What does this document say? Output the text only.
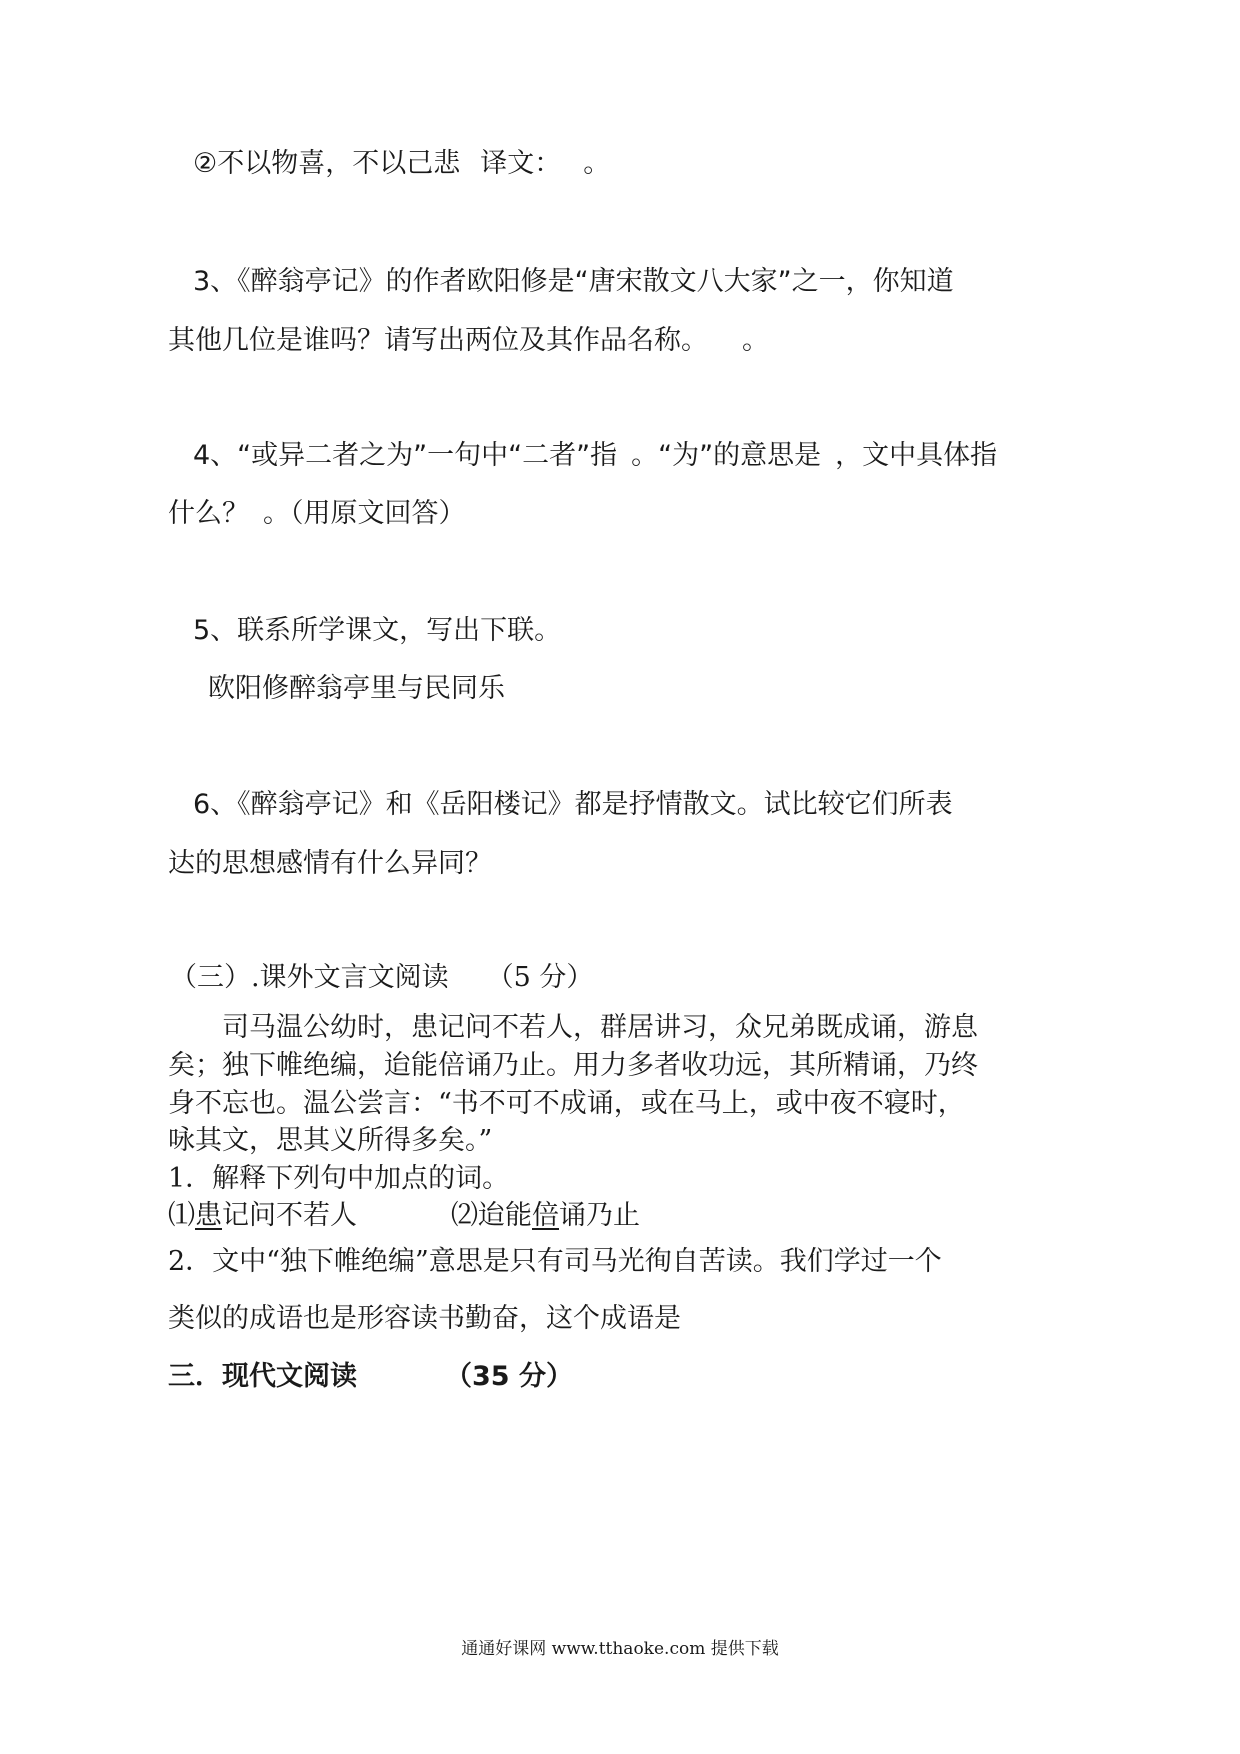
②不以物喜，不以己悲 译文： 。
3、《醉翁亭记》的作者欧阳修是“唐宋散文八大家”之一，你知道
其他几位是谁吗？请写出两位及其作品名称。 。
4、“或异二者之为”一句中“二者”指 。“为”的意思是 ，文中具体指
什么？ 。（用原文回答）
5、联系所学课文，写出下联。
欧阳修醉翁亭里与民同乐
6、《醉翁亭记》和《岳阳楼记》都是抒情散文。试比较它们所表
达的思想感情有什么异同？
（三）.课外文言文阅读 （5 分）
司马温公幼时，患记问不若人，群居讲习，众兄弟既成诵，游息
矣；独下帷绝编，迨能倍诵乃止。用力多者收功远，其所精诵，乃终
身不忘也。温公尝言：“书不可不成诵，或在马上，或中夜不寝时，
咏其文，思其义所得多矣。”
1．解释下列句中加点的词。
⑴患记问不若人	⑵迨能倍诵乃止
2．文中“独下帷绝编”意思是只有司马光徇自苦读。我们学过一个
类似的成语也是形容读书勤奋，这个成语是
三．现代文阅读	（35 分）
通通好课网 www.tthaoke.com 提供下载
